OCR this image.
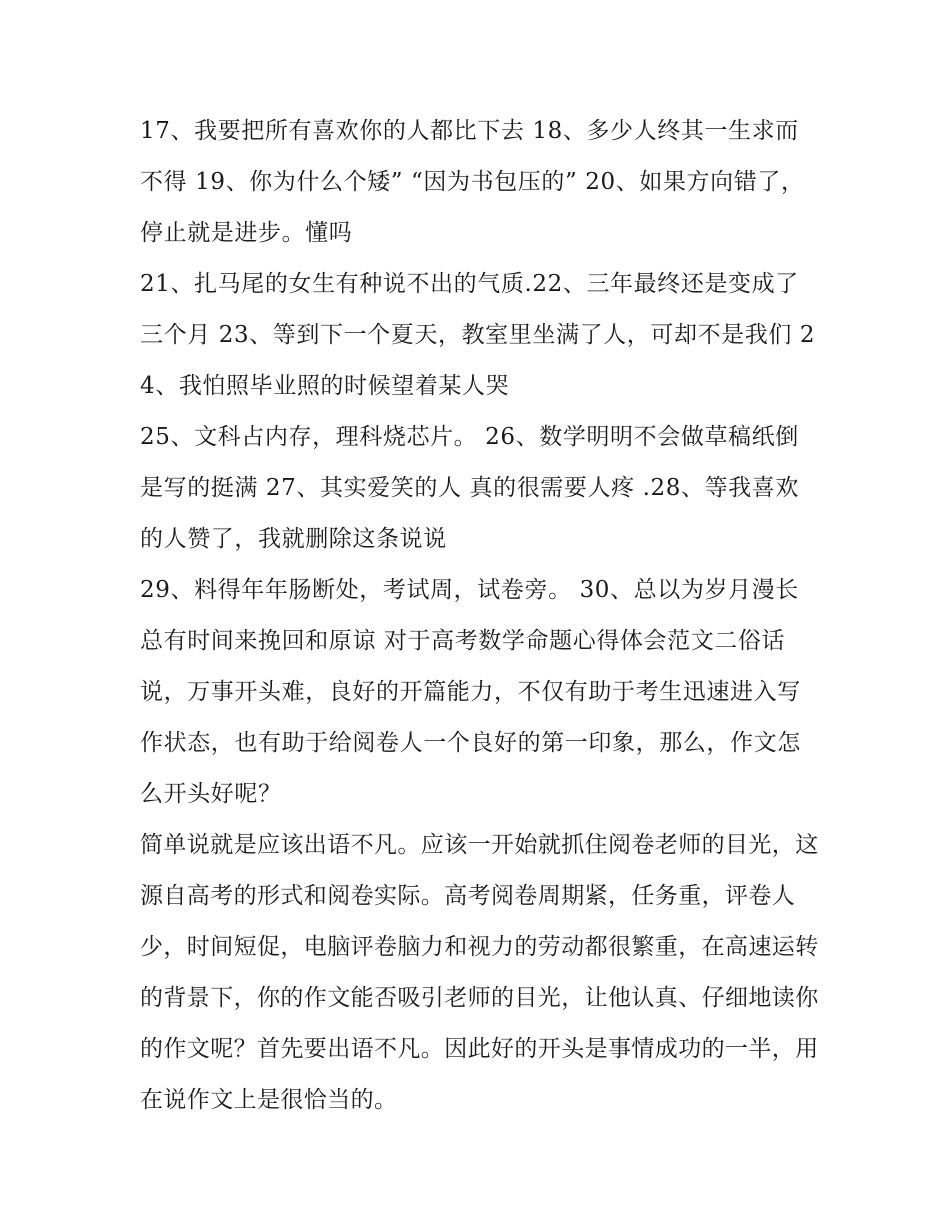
17、我要把所有喜欢你的人都比下去 18、多少人终其一生求而不得 19、你为什么个矮” “因为书包压的” 20、如果方向错了，停止就是进步。懂吗

21、扎马尾的女生有种说不出的气质.22、三年最终还是变成了三个月 23、等到下一个夏天，教室里坐满了人，可却不是我们 24、我怕照毕业照的时候望着某人哭

25、文科占内存，理科烧芯片。 26、数学明明不会做草稿纸倒是写的挺满 27、其实爱笑的人 真的很需要人疼 .28、等我喜欢的人赞了，我就删除这条说说

29、料得年年肠断处，考试周，试卷旁。 30、总以为岁月漫长总有时间来挽回和原谅 对于高考数学命题心得体会范文二俗话说，万事开头难，良好的开篇能力，不仅有助于考生迅速进入写作状态，也有助于给阅卷人一个良好的第一印象，那么，作文怎么开头好呢？

简单说就是应该出语不凡。应该一开始就抓住阅卷老师的目光，这源自高考的形式和阅卷实际。高考阅卷周期紧，任务重，评卷人少，时间短促，电脑评卷脑力和视力的劳动都很繁重，在高速运转的背景下，你的作文能否吸引老师的目光，让他认真、仔细地读你的作文呢？首先要出语不凡。因此好的开头是事情成功的一半，用在说作文上是很恰当的。
